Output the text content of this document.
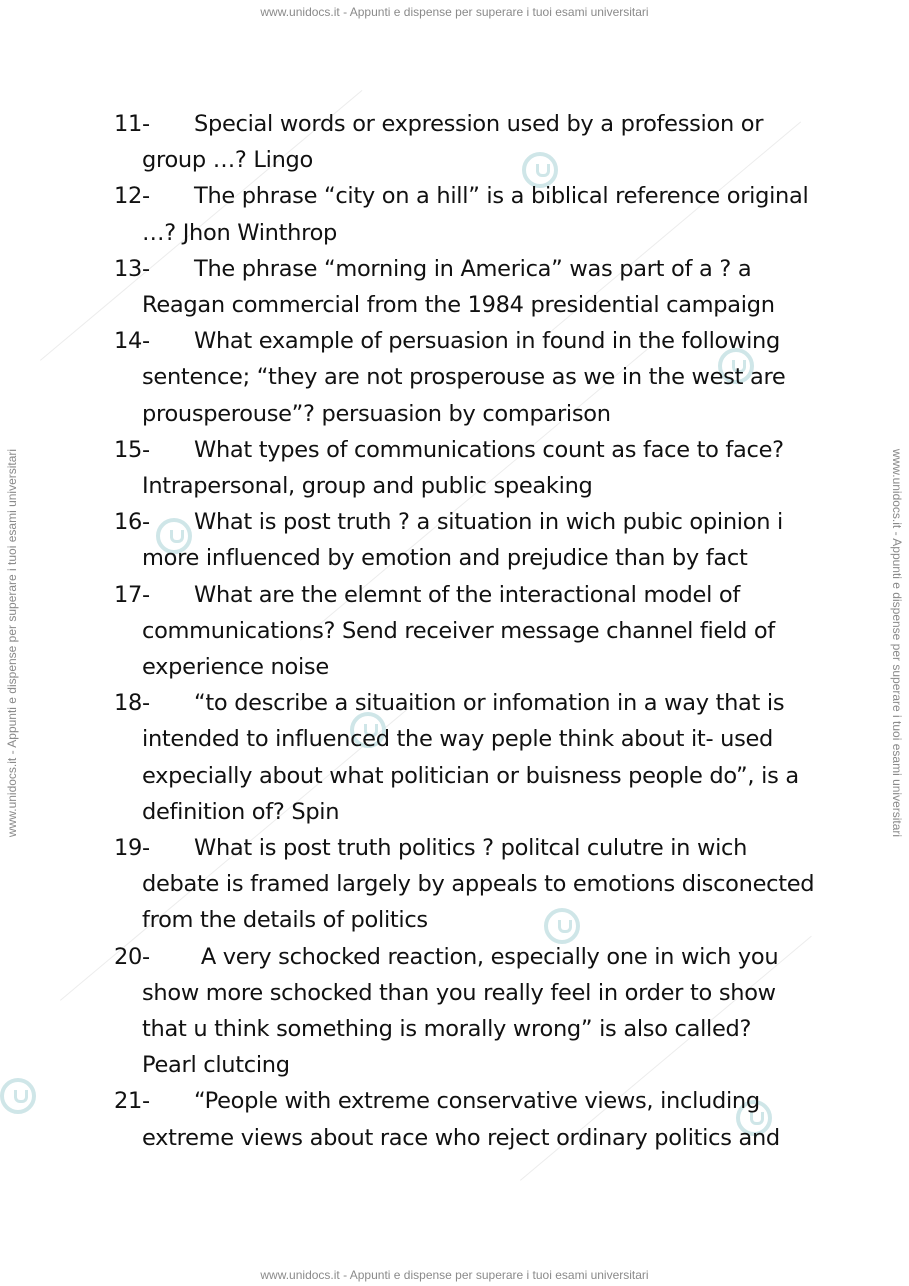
www.unidocs.it - Appunti e dispense per superare i tuoi esami universitari
www.unidocs.it - Appunti e dispense per superare i tuoi esami universitari
www.unidocs.it - Appunti e dispense per superare i tuoi esami universitari	www.unidocs.it - Appunti e dispense per superare i tuoi esami universitari
11- Special words or expression used by a profession or
group …? Lingo
12- The phrase “city on a hill” is a biblical reference original
…? Jhon Winthrop
13- The phrase “morning in America” was part of a ? a
Reagan commercial from the 1984 presidential campaign
14- What example of persuasion in found in the following
sentence; “they are not prosperouse as we in the west are
prousperouse”? persuasion by comparison
15- What types of communications count as face to face?
Intrapersonal, group and public speaking
16- What is post truth ? a situation in wich pubic opinion i
more influenced by emotion and prejudice than by fact
17- What are the elemnt of the interactional model of
communications? Send receiver message channel field of
experience noise
18- “to describe a situaition or infomation in a way that is
intended to influenced the way peple think about it- used
expecially about what politician or buisness people do”, is a
definition of? Spin
19- What is post truth politics ? politcal culutre in wich
debate is framed largely by appeals to emotions disconected
from the details of politics
20- A very schocked reaction, especially one in wich you
show more schocked than you really feel in order to show
that u think something is morally wrong” is also called?
Pearl clutcing
21- “People with extreme conservative views, including
extreme views about race who reject ordinary politics and
